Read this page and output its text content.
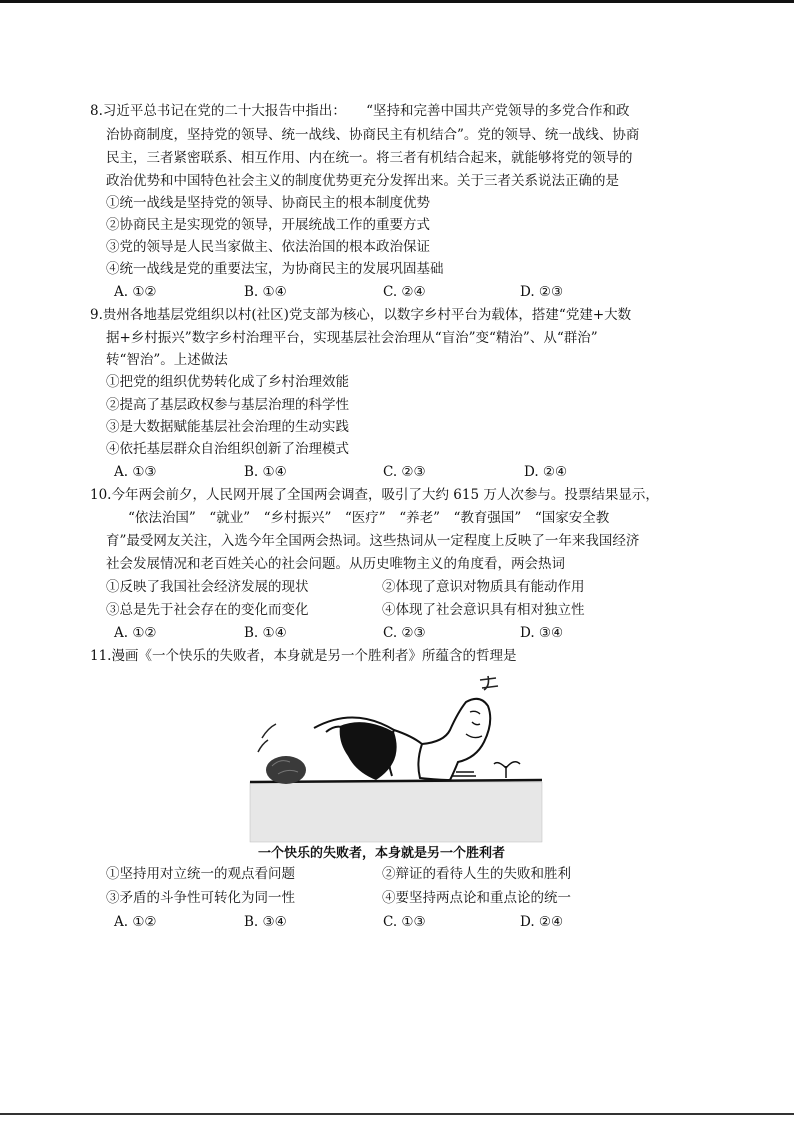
8.习近平总书记在党的二十大报告中指出：　　“坚持和完善中国共产党领导的多党合作和政
治协商制度，坚持党的领导、统一战线、协商民主有机结合”。党的领导、统一战线、协商
民主，三者紧密联系、相互作用、内在统一。将三者有机结合起来，就能够将党的领导的
政治优势和中国特色社会主义的制度优势更充分发挥出来。关于三者关系说法正确的是
①统一战线是坚持党的领导、协商民主的根本制度优势
②协商民主是实现党的领导，开展统战工作的重要方式
③党的领导是人民当家做主、依法治国的根本政治保证
④统一战线是党的重要法宝，为协商民主的发展巩固基础
A. ①②	B. ①④	C. ②④	D. ②③
9.贵州各地基层党组织以村(社区)党支部为核心，以数字乡村平台为载体，搭建“党建+大数
据+乡村振兴”数字乡村治理平台，实现基层社会治理从“盲治”变“精治”、从“群治”
转“智治”。上述做法
①把党的组织优势转化成了乡村治理效能
②提高了基层政权参与基层治理的科学性
③是大数据赋能基层社会治理的生动实践
④依托基层群众自治组织创新了治理模式
A. ①③	B. ①④	C. ②③	D. ②④
10.今年两会前夕，人民网开展了全国两会调查，吸引了大约 615 万人次参与。投票结果显示，
“依法治国”　“就业”　“乡村振兴”　“医疗”　“养老”　“教育强国”　“国家安全教
育”最受网友关注，入选今年全国两会热词。这些热词从一定程度上反映了一年来我国经济
社会发展情况和老百姓关心的社会问题。从历史唯物主义的角度看，两会热词
①反映了我国社会经济发展的现状	②体现了意识对物质具有能动作用
③总是先于社会存在的变化而变化	④体现了社会意识具有相对独立性
A. ①②	B. ①④	C. ②③	D. ③④
11.漫画《一个快乐的失败者，本身就是另一个胜利者》所蕴含的哲理是
一个快乐的失败者，本身就是另一个胜利者
①坚持用对立统一的观点看问题	②辩证的看待人生的失败和胜利
③矛盾的斗争性可转化为同一性	④要坚持两点论和重点论的统一
A. ①②	B. ③④	C. ①③	D. ②④
